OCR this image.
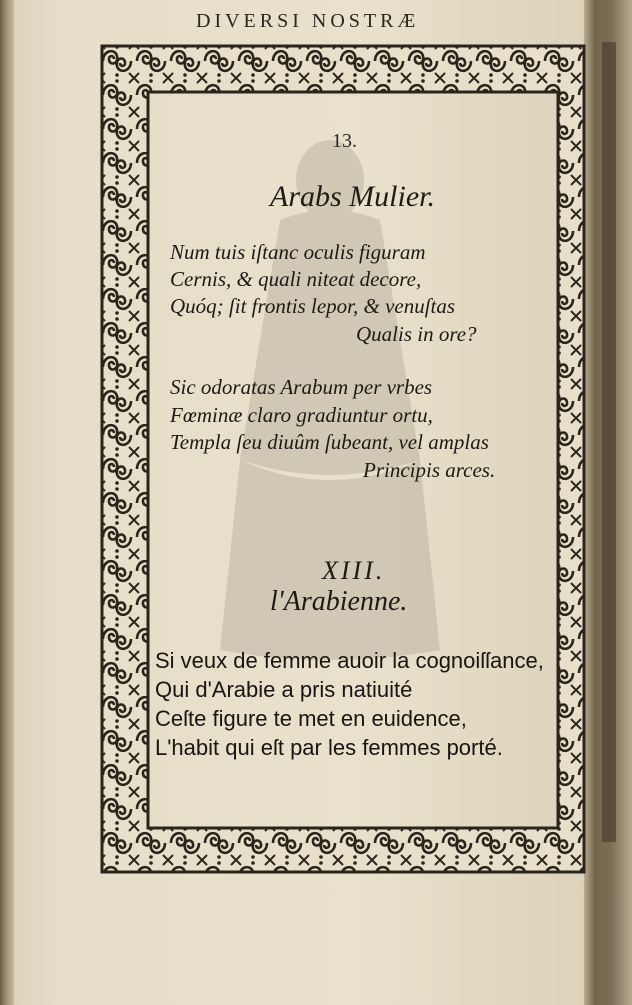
DIVERSI NOSTRÆ
13.
Arabs Mulier.
Num tuis iſtanc oculis figuram
Cernis, & quali niteat decore,
Quóq; ſit frontis lepor, & venuſtas
Qualis in ore?
Sic odoratas Arabum per vrbes
Fœminæ claro gradiuntur ortu,
Templa ſeu diuûm ſubeant, vel amplas
Principis arces.
XIII.
l'Arabienne.
Si veux de femme auoir la cognoiſſance,
Qui d'Arabie a pris natiuité
Ceſte figure te met en euidence,
L'habit qui eſt par les femmes porté.
